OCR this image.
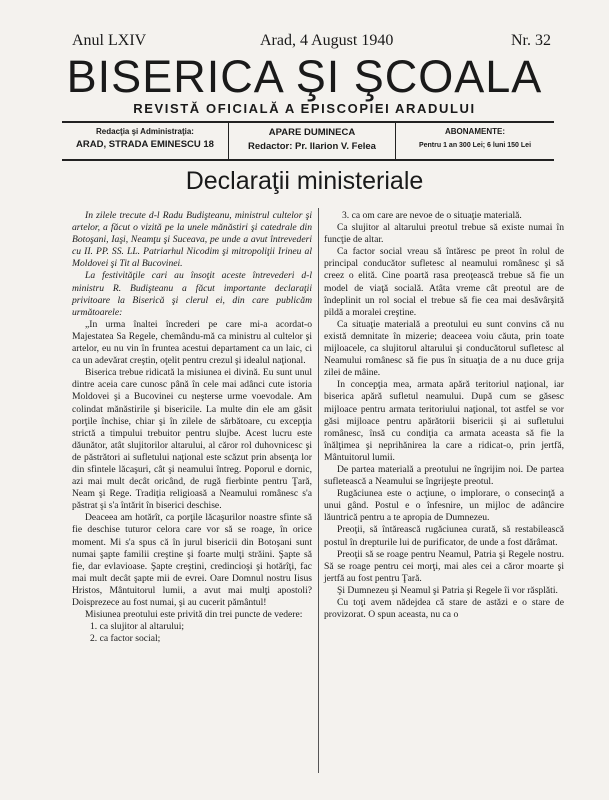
Anul LXIV	Arad, 4 August 1940	Nr. 32
BISERICA ŞI ŞCOALA
REVISTĂ OFICIALĂ A EPISCOPIEI ARADULUI
Redacţia şi Administraţia:
ARAD, STRADA EMINESCU 18
APARE DUMINECA
Redactor: Pr. Ilarion V. Felea
ABONAMENTE:
Pentru 1 an 300 Lei; 6 luni 150 Lei
Declaraţii ministeriale

In zilele trecute d-l Radu Budişteanu, ministrul cultelor şi artelor, a făcut o vizită pe la unele mănăstiri şi catedrale din Botoşani, Iaşi, Neamţu şi Suceava, pe unde a avut întrevederi cu II. PP. SS. LL. Patriarhul Nicodim şi mitropoliţii Irineu al Moldovei şi Tit al Bucovinei.

La festivităţile cari au însoţit aceste întrevederi d-l ministru R. Budişteanu a făcut importante declaraţii privitoare la Biserică şi clerul ei, din care publicăm următoarele:

„In urma înaltei încrederi pe care mi-a acordat-o Majestatea Sa Regele, chemându-mă ca ministru al cultelor şi artelor, eu nu vin în fruntea acestui departament ca un laic, ci ca un adevărat creştin, oţelit pentru crezul şi idealul naţional.

Biserica trebue ridicată la misiunea ei divină. Eu sunt unul dintre aceia care cunosc până în cele mai adânci cute istoria Moldovei şi a Bucovinei cu neşterse urme voevodale. Am colindat mănăstirile şi bisericile. La multe din ele am găsit porţile închise, chiar şi în zilele de sărbătoare, cu excepţia strictă a timpului trebuitor pentru slujbe. Acest lucru este dăunător, atât slujitorilor altarului, al căror rol duhovnicesc şi de păstrători ai sufletului naţional este scăzut prin absenţa lor din sfintele lăcaşuri, cât şi neamului întreg. Poporul e dornic, azi mai mult decât oricând, de rugă fierbinte pentru Ţară, Neam şi Rege. Tradiţia religioasă a Neamului românesc s'a păstrat şi s'a întărit în biserici deschise.

Deaceea am hotărît, ca porţile lăcaşurilor noastre sfinte să fie deschise tuturor celora care vor să se roage, în orice moment. Mi s'a spus că în jurul bisericii din Botoşani sunt numai şapte familii creştine şi foarte mulţi străini. Şapte să fie, dar evlavioase. Şapte creştini, credincioşi şi hotărîţi, fac mai mult decât şapte mii de evrei. Oare Domnul nostru Iisus Hristos, Mântuitorul lumii, a avut mai mulţi apostoli? Doisprezece au fost numai, şi au cucerit pământul!

Misiunea preotului este privită din trei puncte de vedere:

1. ca slujitor al altarului;

2. ca factor social;

3. ca om care are nevoe de o situaţie materială.

Ca slujitor al altarului preotul trebue să existe numai în funcţie de altar.

Ca factor social vreau să întăresc pe preot în rolul de principal conducător sufletesc al neamului românesc şi să creez o elită. Cine poartă rasa preoţească trebue să fie un model de viaţă socială. Atâta vreme cât preotul are de îndeplinit un rol social el trebue să fie cea mai desăvârşită pildă a moralei creştine.

Ca situaţie materială a preotului eu sunt convins că nu există demnitate în mizerie; deaceea voiu căuta, prin toate mijloacele, ca slujitorul altarului şi conducătorul sufletesc al Neamului românesc să fie pus în situaţia de a nu duce grija zilei de mâine.

In concepţia mea, armata apără teritoriul naţional, iar biserica apără sufletul neamului. După cum se găsesc mijloace pentru armata teritoriului naţional, tot astfel se vor găsi mijloace pentru apărătorii bisericii şi ai sufletului românesc, însă cu condiţia ca armata aceasta să fie la înălţimea şi neprihănirea la care a ridicat-o, prin jertfă, Mântuitorul lumii.

De partea materială a preotului ne îngrijim noi. De partea sufletească a Neamului se îngrijeşte preotul.

Rugăciunea este o acţiune, o implorare, o consecinţă a unui gând. Postul e o înfesnire, un mijloc de adâncire lăuntrică pentru a te apropia de Dumnezeu.

Preoţii, să întărească rugăciunea curată, să restabilească postul în drepturile lui de purificator, de unde a fost dărâmat.

Preoţii să se roage pentru Neamul, Patria şi Regele nostru. Să se roage pentru cei morţi, mai ales cei a căror moarte şi jertfă au fost pentru Ţară.

Şi Dumnezeu şi Neamul şi Patria şi Regele îi vor răsplăti.

Cu toţi avem nădejdea că stare de astăzi e o stare de provizorat. O spun aceasta, nu ca o
